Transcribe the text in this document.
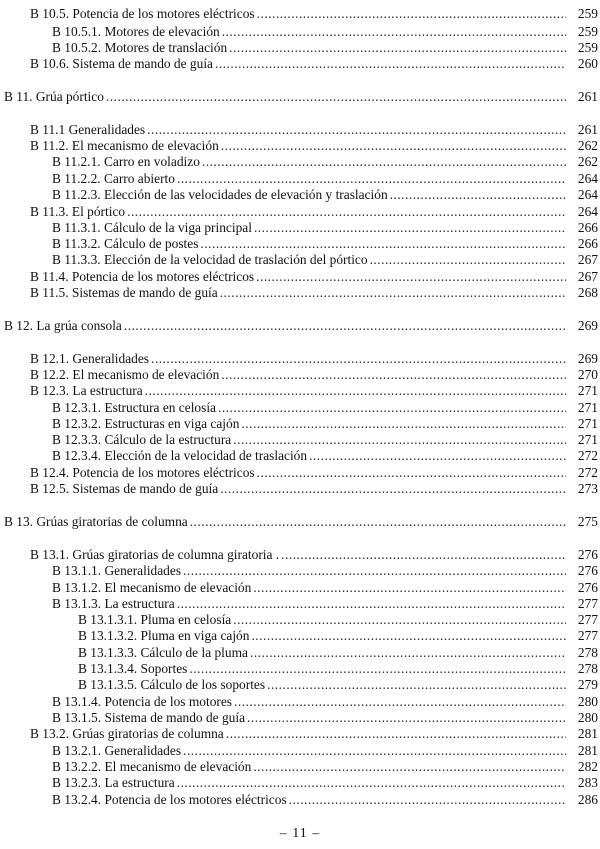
B 10.5. Potencia de los motores eléctricos .....	259
B 10.5.1. Motores de elevación .....	259
B 10.5.2. Motores de translación .....	259
B 10.6. Sistema de mando de guía .....	260
B 11. Grúa pórtico .....	261
B 11.1 Generalidades .....	261
B 11.2. El mecanismo de elevación .....	262
B 11.2.1. Carro en voladizo .....	262
B 11.2.2. Carro abierto .....	264
B 11.2.3. Elección de las velocidades de elevación y traslación .....	264
B 11.3. El pórtico .....	264
B 11.3.1. Cálculo de la viga principal .....	266
B 11.3.2. Cálculo de postes .....	266
B 11.3.3. Elección de la velocidad de traslación del pórtico .....	267
B 11.4. Potencia de los motores eléctricos .....	267
B 11.5. Sistemas de mando de guía .....	268
B 12. La grúa consola .....	269
B 12.1. Generalidades .....	269
B 12.2. El mecanismo de elevación .....	270
B 12.3. La estructura .....	271
B 12.3.1. Estructura en celosía .....	271
B 12.3.2. Estructuras en viga cajón .....	271
B 12.3.3. Cálculo de la estructura .....	271
B 12.3.4. Elección de la velocidad de traslación .....	272
B 12.4. Potencia de los motores eléctricos .....	272
B 12.5. Sistemas de mando de guía .....	273
B 13. Grúas giratorias de columna .....	275
B 13.1. Grúas giratorias de columna giratoria . .....	276
B 13.1.1. Generalidades .....	276
B 13.1.2. El mecanismo de elevación .....	276
B 13.1.3. La estructura .....	277
B 13.1.3.1. Pluma en celosía .....	277
B 13.1.3.2. Pluma en viga cajón .....	277
B 13.1.3.3. Cálculo de la pluma .....	278
B 13.1.3.4. Soportes .....	278
B 13.1.3.5. Cálculo de los soportes .....	279
B 13.1.4. Potencia de los motores .....	280
B 13.1.5. Sistema de mando de guía .....	280
B 13.2. Grúas giratorias de columna .....	281
B 13.2.1. Generalidades .....	281
B 13.2.2. El mecanismo de elevación .....	282
B 13.2.3. La estructura .....	283
B 13.2.4. Potencia de los motores eléctricos .....	286
– 11 –
